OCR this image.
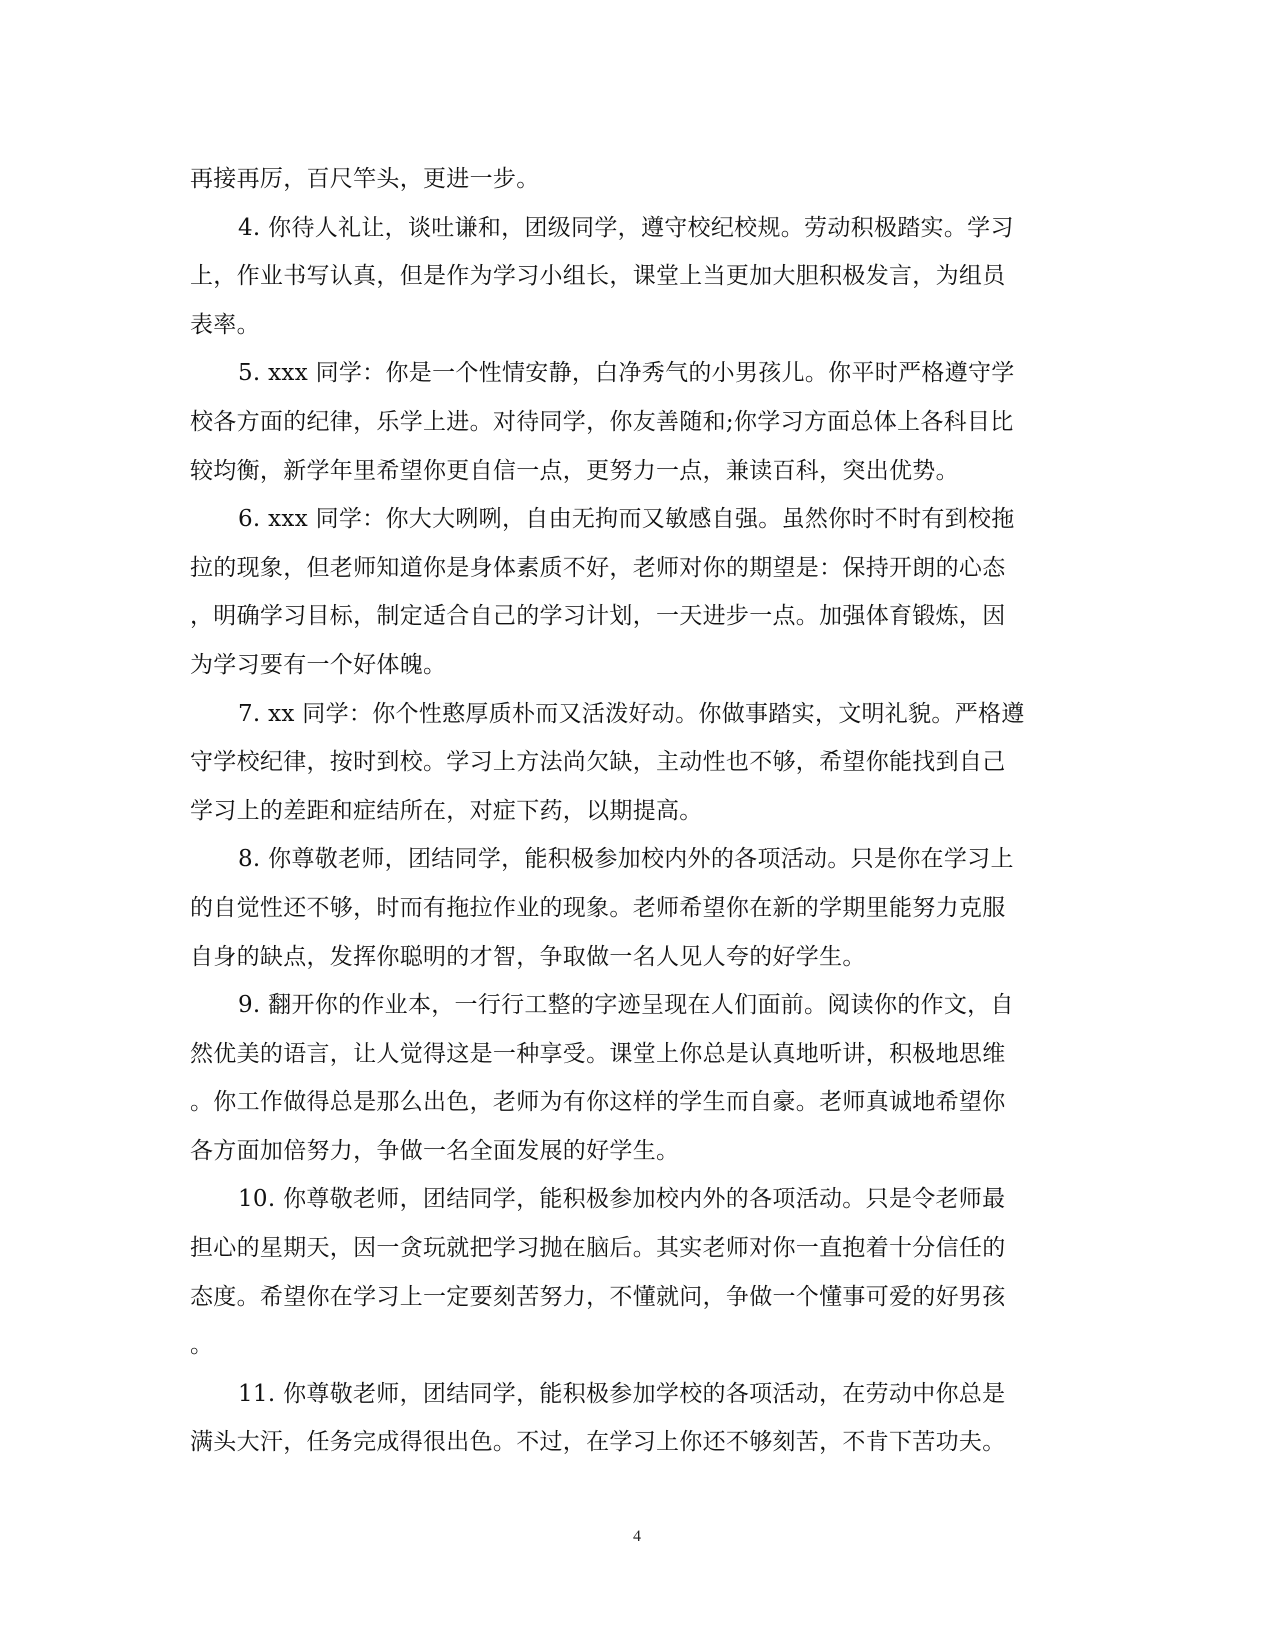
再接再厉，百尺竿头，更进一步。

4. 你待人礼让，谈吐谦和，团级同学，遵守校纪校规。劳动积极踏实。学习

上，作业书写认真，但是作为学习小组长，课堂上当更加大胆积极发言，为组员
表率。

5. xxx 同学：你是一个性情安静，白净秀气的小男孩儿。你平时严格遵守学

校各方面的纪律，乐学上进。对待同学，你友善随和;你学习方面总体上各科目比
较均衡，新学年里希望你更自信一点，更努力一点，兼读百科，突出优势。

6. xxx 同学：你大大咧咧，自由无拘而又敏感自强。虽然你时不时有到校拖

拉的现象，但老师知道你是身体素质不好，老师对你的期望是：保持开朗的心态
，明确学习目标，制定适合自己的学习计划，一天进步一点。加强体育锻炼，因
为学习要有一个好体魄。

7. xx 同学：你个性憨厚质朴而又活泼好动。你做事踏实，文明礼貌。严格遵

守学校纪律，按时到校。学习上方法尚欠缺，主动性也不够，希望你能找到自己
学习上的差距和症结所在，对症下药，以期提高。

8. 你尊敬老师，团结同学，能积极参加校内外的各项活动。只是你在学习上

的自觉性还不够，时而有拖拉作业的现象。老师希望你在新的学期里能努力克服
自身的缺点，发挥你聪明的才智，争取做一名人见人夸的好学生。

9. 翻开你的作业本，一行行工整的字迹呈现在人们面前。阅读你的作文，自

然优美的语言，让人觉得这是一种享受。课堂上你总是认真地听讲，积极地思维
。你工作做得总是那么出色，老师为有你这样的学生而自豪。老师真诚地希望你
各方面加倍努力，争做一名全面发展的好学生。

10. 你尊敬老师，团结同学，能积极参加校内外的各项活动。只是令老师最

担心的星期天，因一贪玩就把学习抛在脑后。其实老师对你一直抱着十分信任的
态度。希望你在学习上一定要刻苦努力，不懂就问，争做一个懂事可爱的好男孩
。

11. 你尊敬老师，团结同学，能积极参加学校的各项活动，在劳动中你总是

满头大汗，任务完成得很出色。不过，在学习上你还不够刻苦，不肯下苦功夫。

4
